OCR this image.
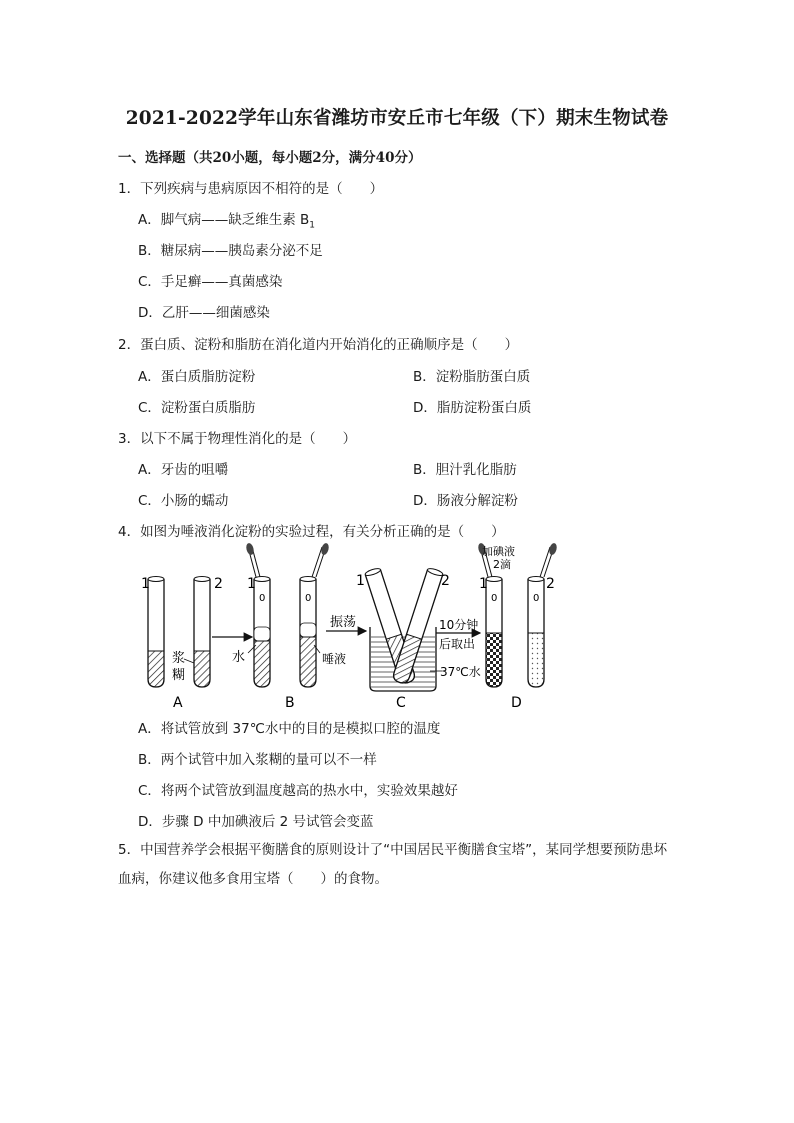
2021-2022学年山东省潍坊市安丘市七年级（下）期末生物试卷
一、选择题（共20小题，每小题2分，满分40分）
1．下列疾病与患病原因不相符的是（　　）
A．脚气病——缺乏维生素 $B_1$
B．糖尿病——胰岛素分泌不足
C．手足癣——真菌感染
D．乙肝——细菌感染
2．蛋白质、淀粉和脂肪在消化道内开始消化的正确顺序是（　　）
A．蛋白质脂肪淀粉	B．淀粉脂肪蛋白质
C．淀粉蛋白质脂肪	D．脂肪淀粉蛋白质
3．以下不属于物理性消化的是（　　）
A．牙齿的咀嚼	B．胆汁乳化脂肪
C．小肠的蠕动	D．肠液分解淀粉
4．如图为唾液消化淀粉的实验过程，有关分析正确的是（　　）
1	2
浆
糊
A
1
0	0
水	唾液
B
振荡
1	2
C
37℃水
10分钟
后取出
1
0
2
0
加碘液
2滴
D
A．将试管放到 37℃水中的目的是模拟口腔的温度
B．两个试管中加入浆糊的量可以不一样
C．将两个试管放到温度越高的热水中，实验效果越好
D．步骤 D 中加碘液后 2 号试管会变蓝
5．中国营养学会根据平衡膳食的原则设计了“中国居民平衡膳食宝塔”，某同学想要预防患坏血病，你建议他多食用宝塔（　　）的食物。
